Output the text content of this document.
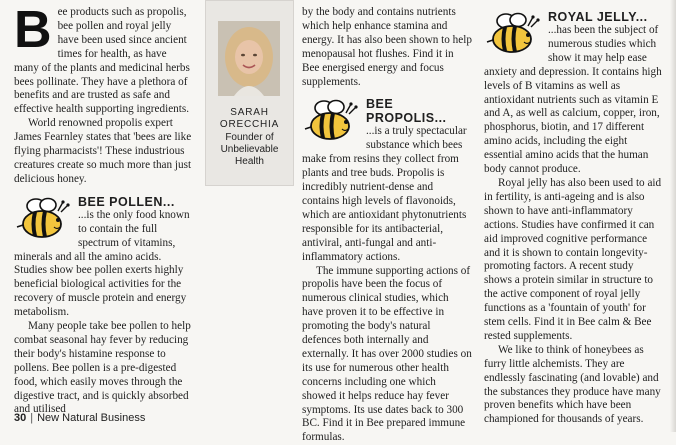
Bee products such as propolis, bee pollen and royal jelly have been used since ancient times for health, as have many of the plants and medicinal herbs bees pollinate. They have a plethora of benefits and are trusted as safe and effective health supporting ingredients.

World renowned propolis expert James Fearnley states that 'bees are like flying pharmacists'! These industrious creatures create so much more than just delicious honey.

BEE POLLEN...

...is the only food known to contain the full spectrum of vitamins, minerals and all the amino acids. Studies show bee pollen exerts highly beneficial biological activities for the recovery of muscle protein and energy metabolism.

Many people take bee pollen to help combat seasonal hay fever by reducing their body's histamine response to pollens. Bee pollen is a pre-digested food, which easily moves through the digestive tract, and is quickly absorbed and utilised

SARAH ORECCHIA
Founder of Unbelievable Health

by the body and contains nutrients which help enhance stamina and energy. It has also been shown to help menopausal hot flushes. Find it in Bee energised energy and focus supplements.

BEE PROPOLIS...

...is a truly spectacular substance which bees make from resins they collect from plants and tree buds. Propolis is incredibly nutrient-dense and contains high levels of flavonoids, which are antioxidant phytonutrients responsible for its antibacterial, antiviral, anti-fungal and anti-inflammatory actions.

The immune supporting actions of propolis have been the focus of numerous clinical studies, which have proven it to be effective in promoting the body's natural defences both internally and externally. It has over 2000 studies on its use for numerous other health concerns including one which showed it helps reduce hay fever symptoms. Its use dates back to 300 BC. Find it in Bee prepared immune formulas.

ROYAL JELLY...

...has been the subject of numerous studies which show it may help ease anxiety and depression. It contains high levels of B vitamins as well as antioxidant nutrients such as vitamin E and A, as well as calcium, copper, iron, phosphorus, biotin, and 17 different amino acids, including the eight essential amino acids that the human body cannot produce.

Royal jelly has also been used to aid in fertility, is anti-ageing and is also shown to have anti-inflammatory actions. Studies have confirmed it can aid improved cognitive performance and it is shown to contain longevity-promoting factors. A recent study shows a protein similar in structure to the active component of royal jelly functions as a 'fountain of youth' for stem cells. Find it in Bee calm & Bee rested supplements.

We like to think of honeybees as furry little alchemists. They are endlessly fascinating (and lovable) and the substances they produce have many proven benefits which have been championed for thousands of years.

30 | New Natural Business
